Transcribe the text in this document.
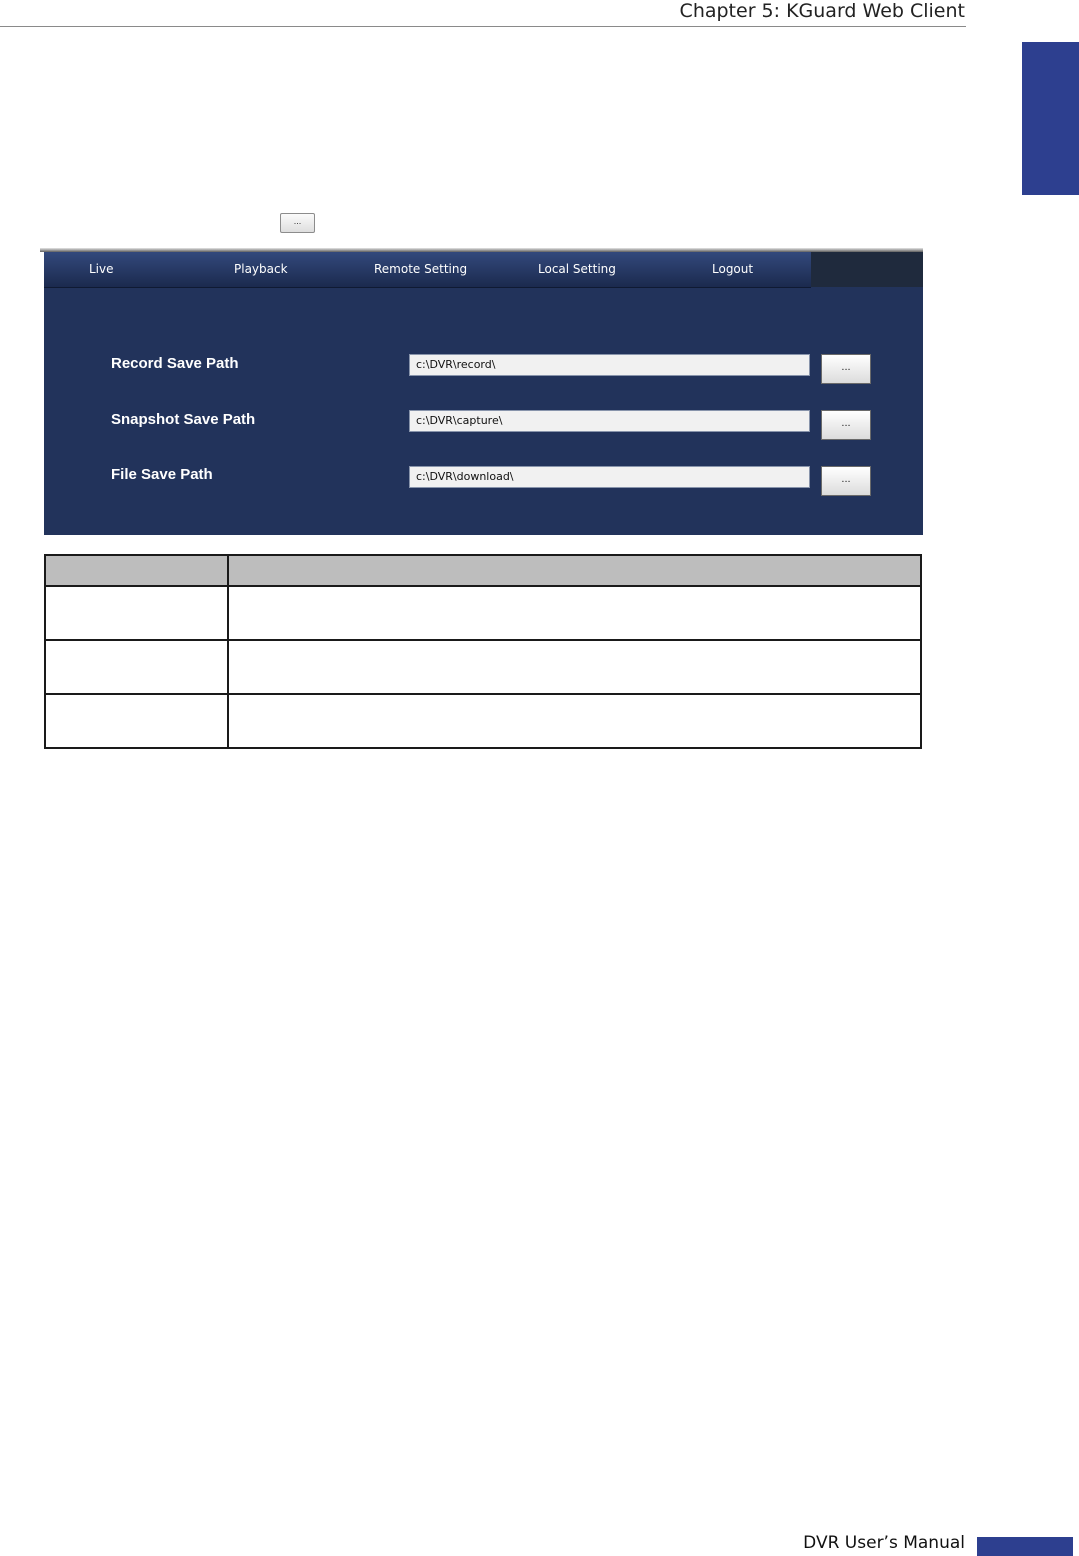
Chapter 5: KGuard Web Client
...
Live	Playback	Remote Setting	Local Setting	Logout
Record Save Path	c:\DVR\record\	...
Snapshot Save Path	c:\DVR\capture\	...
File Save Path	c:\DVR\download\	...

DVR User’s Manual
